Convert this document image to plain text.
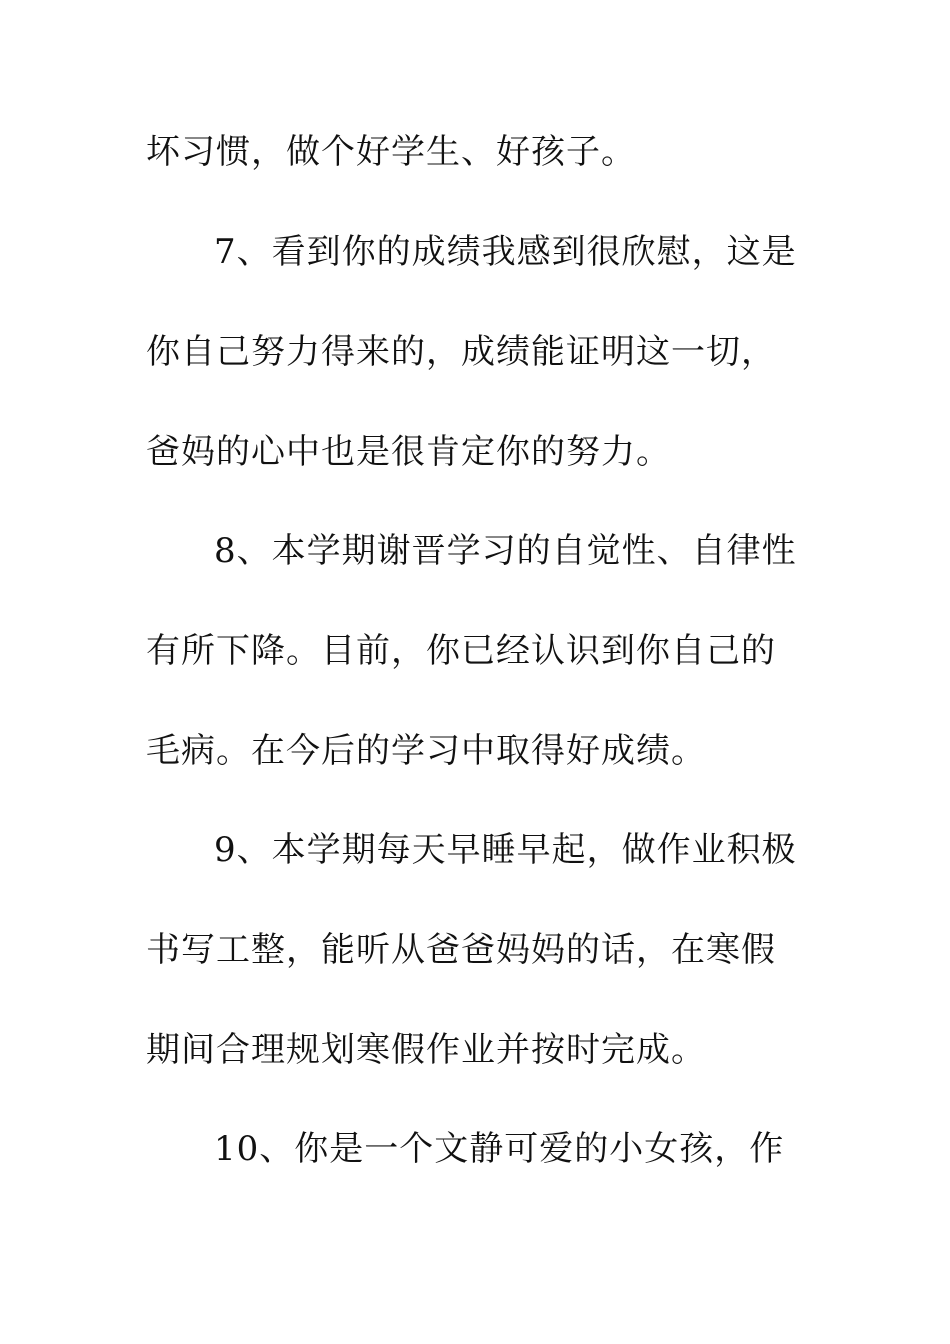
坏习惯，做个好学生、好孩子。
7、看到你的成绩我感到很欣慰，这是
你自己努力得来的，成绩能证明这一切，
爸妈的心中也是很肯定你的努力。
8、本学期谢晋学习的自觉性、自律性
有所下降。目前，你已经认识到你自己的
毛病。在今后的学习中取得好成绩。
9、本学期每天早睡早起，做作业积极
书写工整，能听从爸爸妈妈的话，在寒假
期间合理规划寒假作业并按时完成。
10、你是一个文静可爱的小女孩，作
